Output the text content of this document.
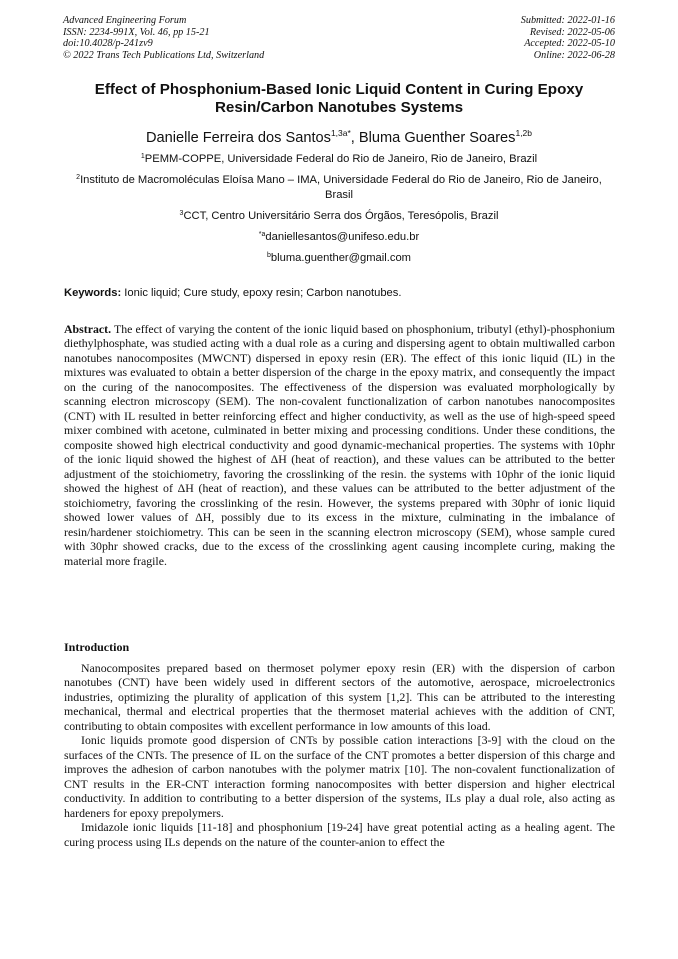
Advanced Engineering Forum
ISSN: 2234-991X, Vol. 46, pp 15-21
doi:10.4028/p-241zv9
© 2022 Trans Tech Publications Ltd, Switzerland
Submitted: 2022-01-16
Revised: 2022-05-06
Accepted: 2022-05-10
Online: 2022-06-28
Effect of Phosphonium-Based Ionic Liquid Content in Curing Epoxy Resin/Carbon Nanotubes Systems
Danielle Ferreira dos Santos$^{1,3a*}$, Bluma Guenther Soares$^{1,2b}$
$^1$PEMM-COPPE, Universidade Federal do Rio de Janeiro, Rio de Janeiro, Brazil
$^2$Instituto de Macromoléculas Eloísa Mano – IMA, Universidade Federal do Rio de Janeiro, Rio de Janeiro, Brasil
$^3$CCT, Centro Universitário Serra dos Órgãos, Teresópolis, Brazil
$^{*a}$daniellesantos@unifeso.edu.br
$^b$bluma.guenther@gmail.com
Keywords: Ionic liquid; Cure study, epoxy resin; Carbon nanotubes.
Abstract. The effect of varying the content of the ionic liquid based on phosphonium, tributyl (ethyl)-phosphonium diethylphosphate, was studied acting with a dual role as a curing and dispersing agent to obtain multiwalled carbon nanotubes nanocomposites (MWCNT) dispersed in epoxy resin (ER). The effect of this ionic liquid (IL) in the mixtures was evaluated to obtain a better dispersion of the charge in the epoxy matrix, and consequently the impact on the curing of the nanocomposites. The effectiveness of the dispersion was evaluated morphologically by scanning electron microscopy (SEM). The non-covalent functionalization of carbon nanotubes nanocomposites (CNT) with IL resulted in better reinforcing effect and higher conductivity, as well as the use of high-speed speed mixer combined with acetone, culminated in better mixing and processing conditions. Under these conditions, the composite showed high electrical conductivity and good dynamic-mechanical properties. The systems with 10phr of the ionic liquid showed the highest of ΔH (heat of reaction), and these values can be attributed to the better adjustment of the stoichiometry, favoring the crosslinking of the resin. the systems with 10phr of the ionic liquid showed the highest of ΔH (heat of reaction), and these values can be attributed to the better adjustment of the stoichiometry, favoring the crosslinking of the resin. However, the systems prepared with 30phr of ionic liquid showed lower values of ΔH, possibly due to its excess in the mixture, culminating in the imbalance of resin/hardener stoichiometry. This can be seen in the scanning electron microscopy (SEM), whose sample cured with 30phr showed cracks, due to the excess of the crosslinking agent causing incomplete curing, making the material more fragile.
Introduction

Nanocomposites prepared based on thermoset polymer epoxy resin (ER) with the dispersion of carbon nanotubes (CNT) have been widely used in different sectors of the automotive, aerospace, microelectronics industries, optimizing the plurality of application of this system [1,2]. This can be attributed to the interesting mechanical, thermal and electrical properties that the thermoset material achieves with the addition of CNT, contributing to obtain composites with excellent performance in low amounts of this load.

Ionic liquids promote good dispersion of CNTs by possible cation interactions [3-9] with the cloud on the surfaces of the CNTs. The presence of IL on the surface of the CNT promotes a better dispersion of this charge and improves the adhesion of carbon nanotubes with the polymer matrix [10]. The non-covalent functionalization of CNT results in the ER-CNT interaction forming nanocomposites with better dispersion and higher electrical conductivity. In addition to contributing to a better dispersion of the systems, ILs play a dual role, also acting as hardeners for epoxy prepolymers.

Imidazole ionic liquids [11-18] and phosphonium [19-24] have great potential acting as a healing agent. The curing process using ILs depends on the nature of the counter-anion to effect the
